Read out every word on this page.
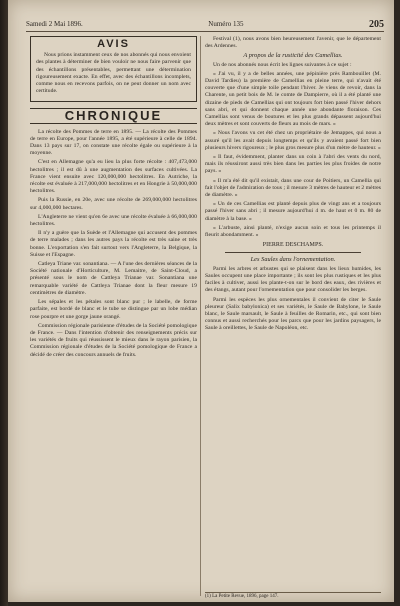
Samedi 2 Mai 1896.	Numéro 135	205
AVIS

Nous prions instamment ceux de nos abonnés qui nous envoient des plantes à déterminer de bien vouloir ne nous faire parvenir que des échantillons présentables, permettant une détermination rigoureusement exacte. En effet, avec des échantillons incomplets, comme nous en recevons parfois, on ne peut donner un nom avec certitude.

CHRONIQUE

La récolte des Pommes de terre en 1895. — La récolte des Pommes de terre en Europe, pour l'année 1895, a été supérieure à celle de 1894. Dans 13 pays sur 17, on constate une récolte égale ou supérieure à la moyenne.

C'est en Allemagne qu'a eu lieu la plus forte récolte : 407,473,000 hectolitres ; il est dû à une augmentation des surfaces cultivées. La France vient ensuite avec 120,000,000 hectolitres. En Autriche, la récolte est évaluée à 217,000,000 hectolitres et en Hongrie à 50,000,000 hectolitres.

Puis la Russie, en 20e, avec une récolte de 269,000,000 hectolitres sur 4,000,000 hectares.

L'Angleterre ne vient qu'en 6e avec une récolte évaluée à 66,000,000 hectolitres.

Il n'y a guère que la Suède et l'Allemagne qui accusent des pommes de terre malades ; dans les autres pays la récolte est très saine et très bonne. L'exportation s'en fait surtout vers l'Angleterre, la Belgique, la Suisse et l'Espagne.

Catleya Triane var. sonantiana. — A l'une des dernières séances de la Société nationale d'Horticulture, M. Lemaitre, de Saint-Cloud, a présenté sous le nom de Cattleya Trianae var. Sonantiana une remarquable variété de Cattleya Trianae dont la fleur mesure 19 centimètres de diamètre.

Les sépales et les pétales sont blanc pur ; le labelle, de forme parfaite, est bordé de blanc et le tube se distingue par un lobe médian rose pourpre et une gorge jaune orangé.

Commission régionale parisienne d'études de la Société pomologique de France. — Dans l'intention d'obtenir des renseignements précis sur les variétés de fruits qui réussissent le mieux dans le rayon parisien, la Commission régionale d'études de la Société pomologique de France a décidé de créer des concours annuels de fruits.

Festival (1), nous avons bien heureusement l'avenir, que le département des Ardennes.

A propos de la rusticité des Camellias.

Un de nos abonnés nous écrit les lignes suivantes à ce sujet :

« J'ai vu, il y a de belles années, une pépinière près Rambouillet (M. David Tardieu) la première de Camellias en pleine terre, qui n'avait été couverte que d'une simple toile pendant l'hiver. Je viens de revoir, dans la Charente, un petit bois de M. le comte de Dampierre, où il a été planté une dizaine de pieds de Camellias qui ont toujours fort bien passé l'hiver dehors sans abri, et qui donnent chaque année une abondante floraison. Ces Camellias sont venus de boutures et les plus grands dépassent aujourd'hui deux mètres et sont couverts de fleurs au mois de mars. »

« Nous l'avons vu cet été chez un propriétaire de Jemappes, qui nous a assuré qu'il les avait depuis longtemps et qu'ils y avaient passé fort bien plusieurs hivers rigoureux ; le plus gros mesure plus d'un mètre de hauteur. »

« Il faut, évidemment, planter dans un coin à l'abri des vents du nord, mais ils réussiront aussi très bien dans les parties les plus froides de notre pays. »

« Il m'a été dit qu'il existait, dans une cour de Poitiers, un Camellia qui fait l'objet de l'admiration de tous ; il mesure 3 mètres de hauteur et 2 mètres de diamètre. »

« Un de ces Camellias est planté depuis plus de vingt ans et a toujours passé l'hiver sans abri ; il mesure aujourd'hui 4 m. de haut et 0 m. 80 de diamètre à la base. »

« L'arbuste, ainsi planté, n'exige aucun soin et tous les printemps il fleurit abondamment. »

PIERRE DESCHAMPS.
Les Saules dans l'ornementation.

Parmi les arbres et arbustes qui se plaisent dans les lieux humides, les Saules occupent une place importante ; ils sont les plus rustiques et les plus faciles à cultiver, aussi les plante-t-on sur le bord des eaux, des rivières et des étangs, autant pour l'ornementation que pour consolider les berges.

Parmi les espèces les plus ornementales il convient de citer le Saule pleureur (Salix babylonica) et ses variétés, le Saule de Babylone, le Saule blanc, le Saule marsault, le Saule à feuilles de Romarin, etc., qui sont bien connus et aussi recherchés pour les parcs que pour les jardins paysagers, le Saule à oreillettes, le Saule de Napoléon, etc.

(1) La Petite Revue, 1896, page 147.
